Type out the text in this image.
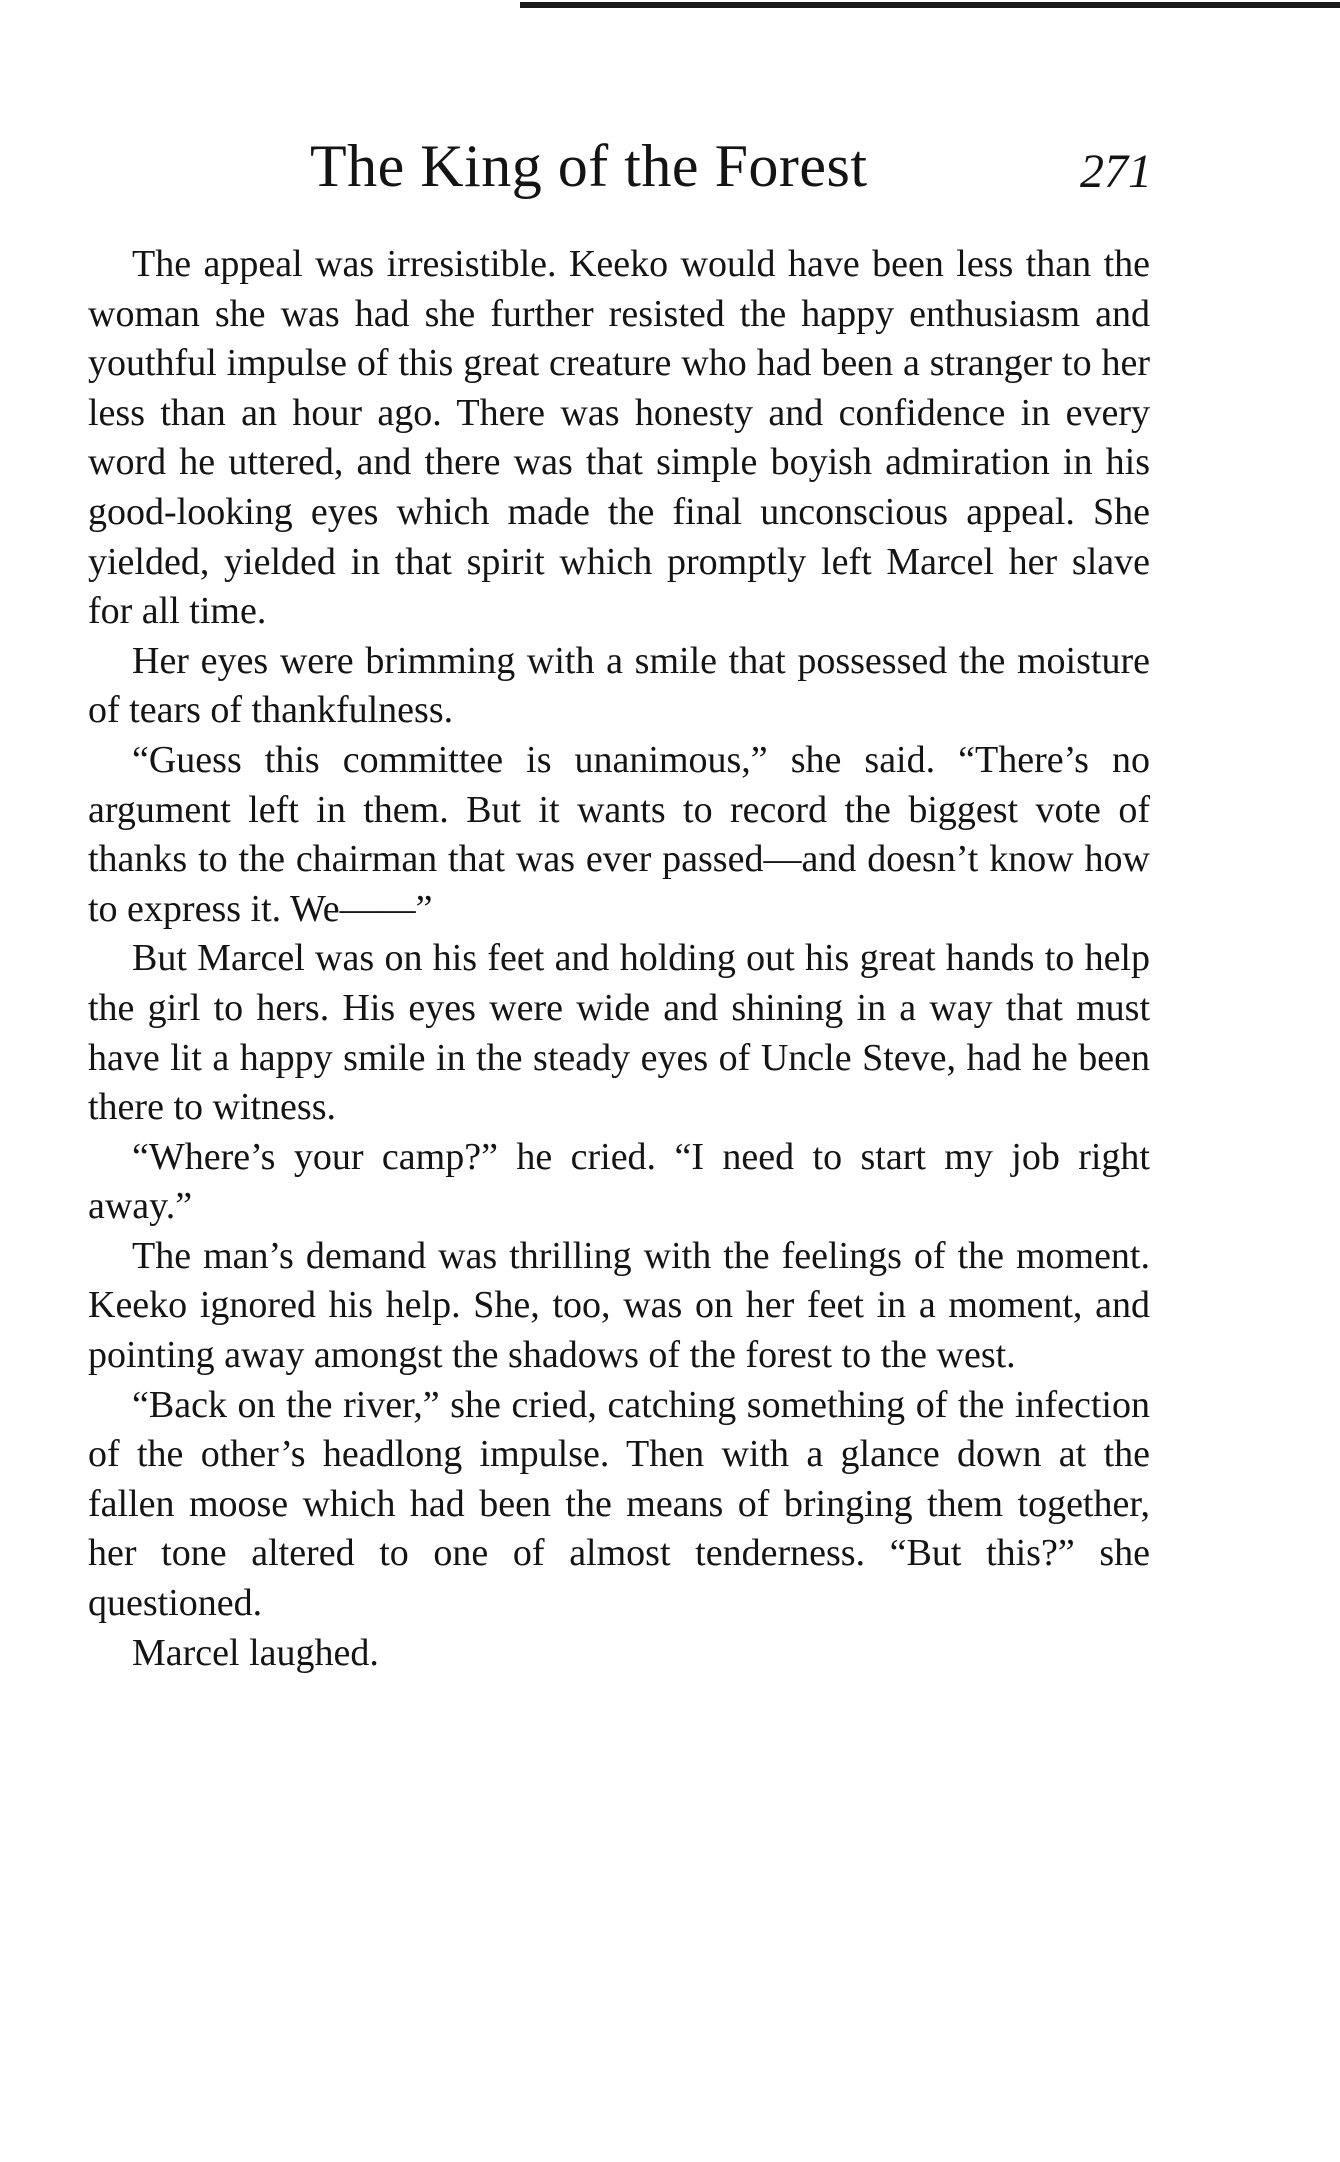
The King of the Forest	271

The appeal was irresistible. Keeko would have been less than the woman she was had she further resisted the happy enthusiasm and youthful impulse of this great creature who had been a stranger to her less than an hour ago. There was honesty and confidence in every word he uttered, and there was that simple boyish admiration in his good-looking eyes which made the final unconscious appeal. She yielded, yielded in that spirit which promptly left Marcel her slave for all time.

Her eyes were brimming with a smile that possessed the moisture of tears of thankfulness.

“Guess this committee is unanimous,” she said. “There’s no argument left in them. But it wants to record the biggest vote of thanks to the chairman that was ever passed—and doesn’t know how to express it. We——”

But Marcel was on his feet and holding out his great hands to help the girl to hers. His eyes were wide and shining in a way that must have lit a happy smile in the steady eyes of Uncle Steve, had he been there to witness.

“Where’s your camp?” he cried. “I need to start my job right away.”

The man’s demand was thrilling with the feelings of the moment. Keeko ignored his help. She, too, was on her feet in a moment, and pointing away amongst the shadows of the forest to the west.

“Back on the river,” she cried, catching something of the infection of the other’s headlong impulse. Then with a glance down at the fallen moose which had been the means of bringing them together, her tone altered to one of almost tenderness. “But this?” she questioned.

Marcel laughed.
